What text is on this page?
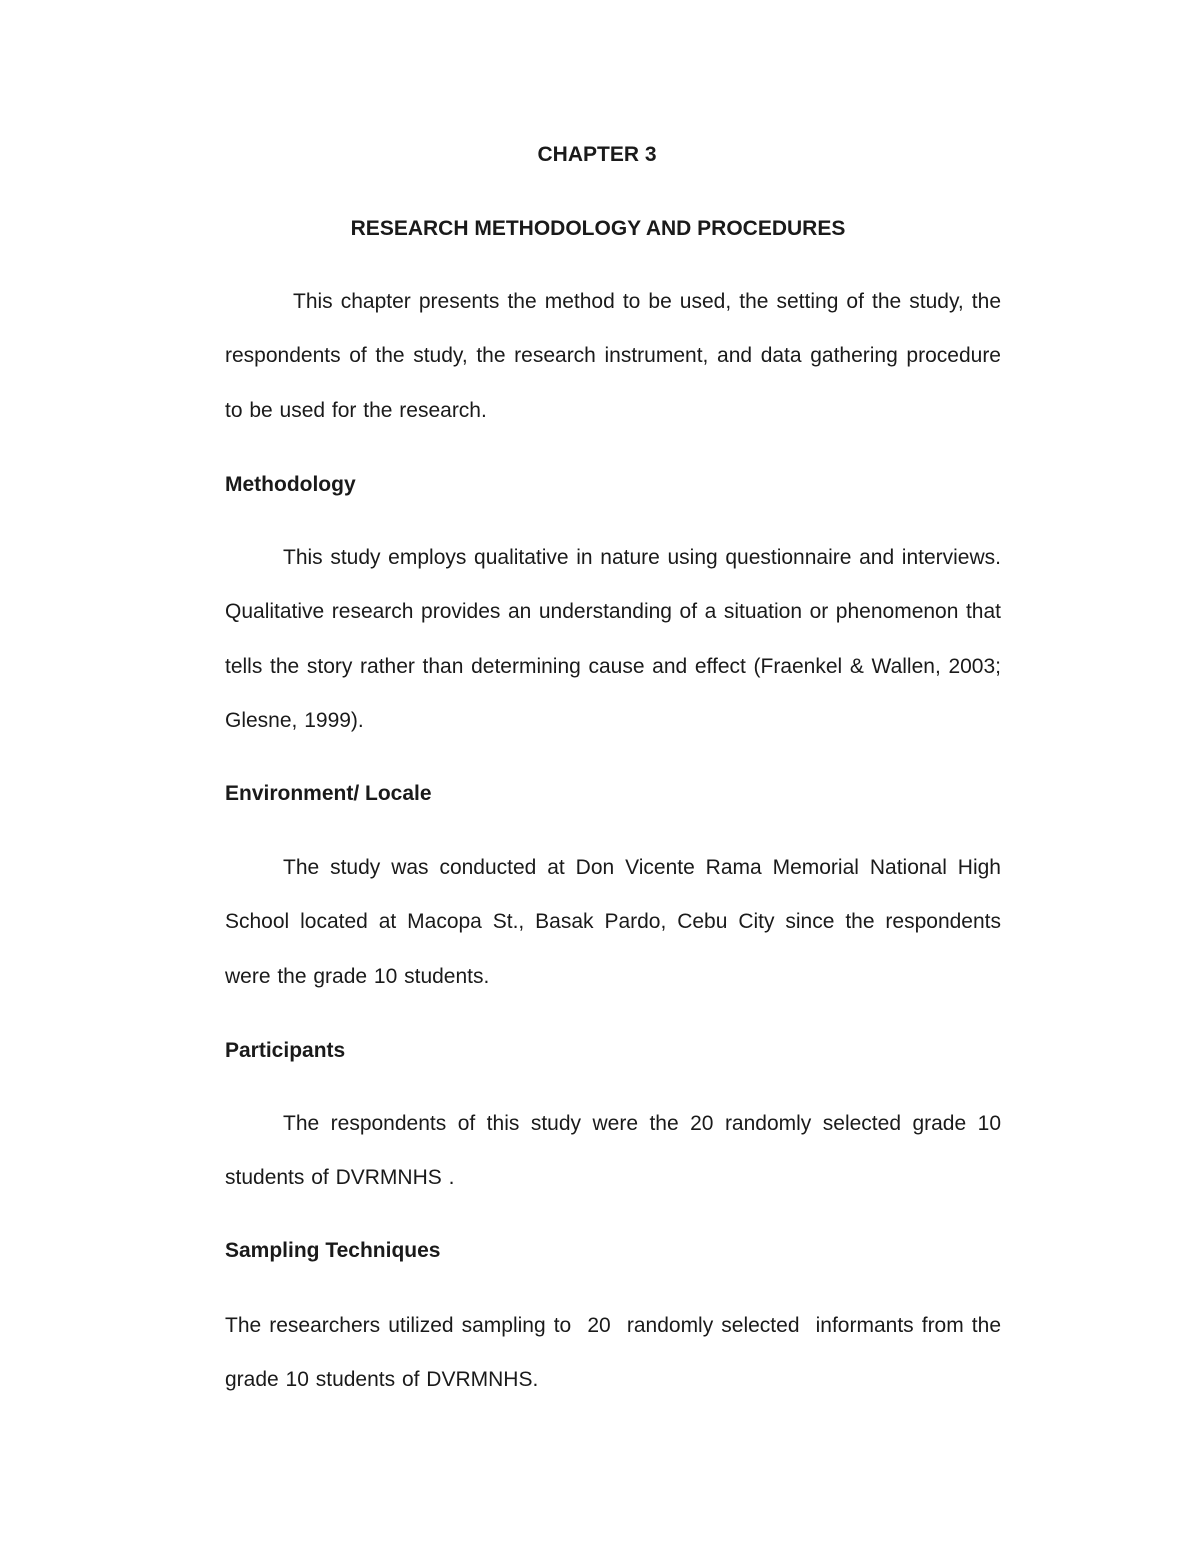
CHAPTER 3

RESEARCH METHODOLOGY AND PROCEDURES

This chapter presents the method to be used, the setting of the study, the respondents of the study, the research instrument, and data gathering procedure to be used for the research.

Methodology

This study employs qualitative in nature using questionnaire and interviews. Qualitative research provides an understanding of a situation or phenomenon that tells the story rather than determining cause and effect (Fraenkel & Wallen, 2003; Glesne, 1999).

Environment/ Locale

The study was conducted at Don Vicente Rama Memorial National High School located at Macopa St., Basak Pardo, Cebu City since the respondents were the grade 10 students.

Participants

The respondents of this study were the 20 randomly selected grade 10 students of DVRMNHS .

Sampling Techniques

The researchers utilized sampling to  20  randomly selected  informants from the grade 10 students of DVRMNHS.
